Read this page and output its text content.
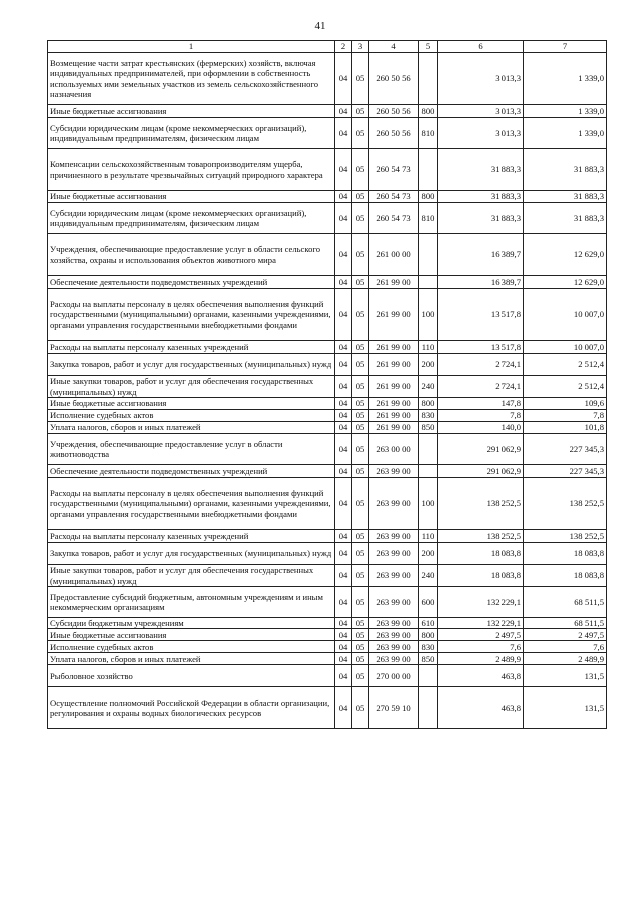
41
1	2	3	4	5	6	7
Возмещение части затрат крестьянских (фермерских) хозяйств, включая индивидуальных предпринимателей, при оформлении в собственность используемых ими земельных участков из земель сельскохозяйственного назначения	04	05	260 50 56		3 013,3	1 339,0
Иные бюджетные ассигнования	04	05	260 50 56	800	3 013,3	1 339,0
Субсидии юридическим лицам (кроме некоммерческих организаций), индивидуальным предпринимателям, физическим лицам	04	05	260 50 56	810	3 013,3	1 339,0
Компенсации сельскохозяйственным товаропроизводителям ущерба, причиненного в результате чрезвычайных ситуаций природного характера	04	05	260 54 73		31 883,3	31 883,3
Иные бюджетные ассигнования	04	05	260 54 73	800	31 883,3	31 883,3
Субсидии юридическим лицам (кроме некоммерческих организаций), индивидуальным предпринимателям, физическим лицам	04	05	260 54 73	810	31 883,3	31 883,3
Учреждения, обеспечивающие предоставление услуг в области сельского хозяйства, охраны и использования объектов животного мира	04	05	261 00 00		16 389,7	12 629,0
Обеспечение деятельности подведомственных учреждений	04	05	261 99 00		16 389,7	12 629,0
Расходы на выплаты персоналу в целях обеспечения выполнения функций государственными (муниципальными) органами, казенными учреждениями, органами управления государственными внебюджетными фондами	04	05	261 99 00	100	13 517,8	10 007,0
Расходы на выплаты персоналу казенных учреждений	04	05	261 99 00	110	13 517,8	10 007,0
Закупка товаров, работ и услуг для государственных (муниципальных) нужд	04	05	261 99 00	200	2 724,1	2 512,4
Иные закупки товаров, работ и услуг для обеспечения государственных (муниципальных) нужд	04	05	261 99 00	240	2 724,1	2 512,4
Иные бюджетные ассигнования	04	05	261 99 00	800	147,8	109,6
Исполнение судебных актов	04	05	261 99 00	830	7,8	7,8
Уплата налогов, сборов и иных платежей	04	05	261 99 00	850	140,0	101,8
Учреждения, обеспечивающие предоставление услуг в области животноводства	04	05	263 00 00		291 062,9	227 345,3
Обеспечение деятельности подведомственных учреждений	04	05	263 99 00		291 062,9	227 345,3
Расходы на выплаты персоналу в целях обеспечения выполнения функций государственными (муниципальными) органами, казенными учреждениями, органами управления государственными внебюджетными фондами	04	05	263 99 00	100	138 252,5	138 252,5
Расходы на выплаты персоналу казенных учреждений	04	05	263 99 00	110	138 252,5	138 252,5
Закупка товаров, работ и услуг для государственных (муниципальных) нужд	04	05	263 99 00	200	18 083,8	18 083,8
Иные закупки товаров, работ и услуг для обеспечения государственных (муниципальных) нужд	04	05	263 99 00	240	18 083,8	18 083,8
Предоставление субсидий бюджетным, автономным учреждениям и иным некоммерческим организациям	04	05	263 99 00	600	132 229,1	68 511,5
Субсидии бюджетным учреждениям	04	05	263 99 00	610	132 229,1	68 511,5
Иные бюджетные ассигнования	04	05	263 99 00	800	2 497,5	2 497,5
Исполнение судебных актов	04	05	263 99 00	830	7,6	7,6
Уплата налогов, сборов и иных платежей	04	05	263 99 00	850	2 489,9	2 489,9
Рыболовное хозяйство	04	05	270 00 00		463,8	131,5
Осуществление полномочий Российской Федерации в области организации, регулирования и охраны водных биологических ресурсов	04	05	270 59 10		463,8	131,5
